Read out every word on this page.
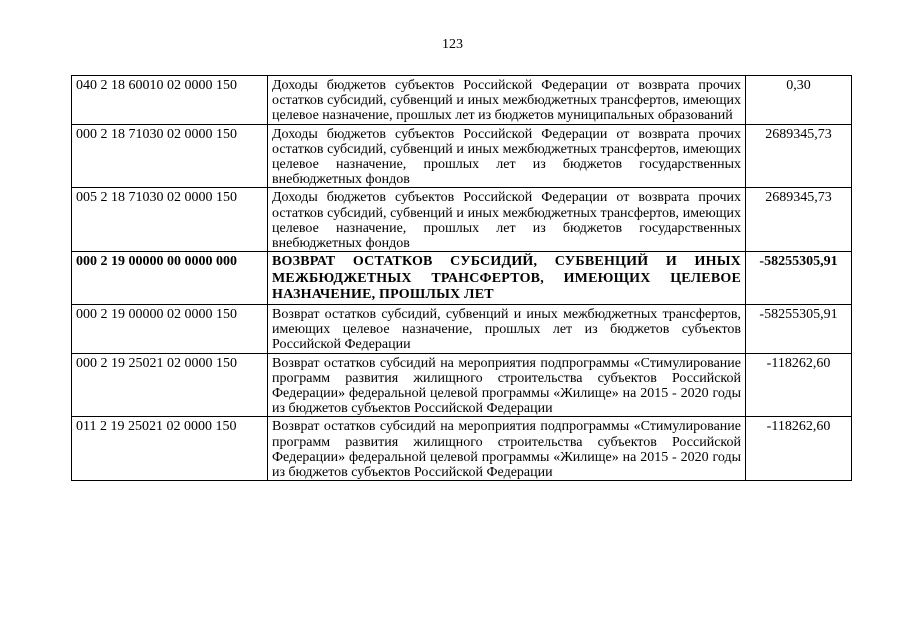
123
040 2 18 60010 02 0000 150	Доходы бюджетов субъектов Российской Федерации от возврата прочих остатков субсидий, субвенций и иных межбюджетных трансфертов, имеющих целевое назначение, прошлых лет из бюджетов муниципальных образований	0,30
000 2 18 71030 02 0000 150	Доходы бюджетов субъектов Российской Федерации от возврата прочих остатков субсидий, субвенций и иных межбюджетных трансфертов, имеющих целевое назначение, прошлых лет из бюджетов государственных внебюджетных фондов	2689345,73
005 2 18 71030 02 0000 150	Доходы бюджетов субъектов Российской Федерации от возврата прочих остатков субсидий, субвенций и иных межбюджетных трансфертов, имеющих целевое назначение, прошлых лет из бюджетов государственных внебюджетных фондов	2689345,73
000 2 19 00000 00 0000 000	ВОЗВРАТ ОСТАТКОВ СУБСИДИЙ, СУБВЕНЦИЙ И ИНЫХ МЕЖБЮДЖЕТНЫХ ТРАНСФЕРТОВ, ИМЕЮЩИХ ЦЕЛЕВОЕ НАЗНАЧЕНИЕ, ПРОШЛЫХ ЛЕТ	-58255305,91
000 2 19 00000 02 0000 150	Возврат остатков субсидий, субвенций и иных межбюджетных трансфертов, имеющих целевое назначение, прошлых лет из бюджетов субъектов Российской Федерации	-58255305,91
000 2 19 25021 02 0000 150	Возврат остатков субсидий на мероприятия подпрограммы «Стимулирование программ развития жилищного строительства субъектов Российской Федерации» федеральной целевой программы «Жилище» на 2015 - 2020 годы из бюджетов субъектов Российской Федерации	-118262,60
011 2 19 25021 02 0000 150	Возврат остатков субсидий на мероприятия подпрограммы «Стимулирование программ развития жилищного строительства субъектов Российской Федерации» федеральной целевой программы «Жилище» на 2015 - 2020 годы из бюджетов субъектов Российской Федерации	-118262,60
